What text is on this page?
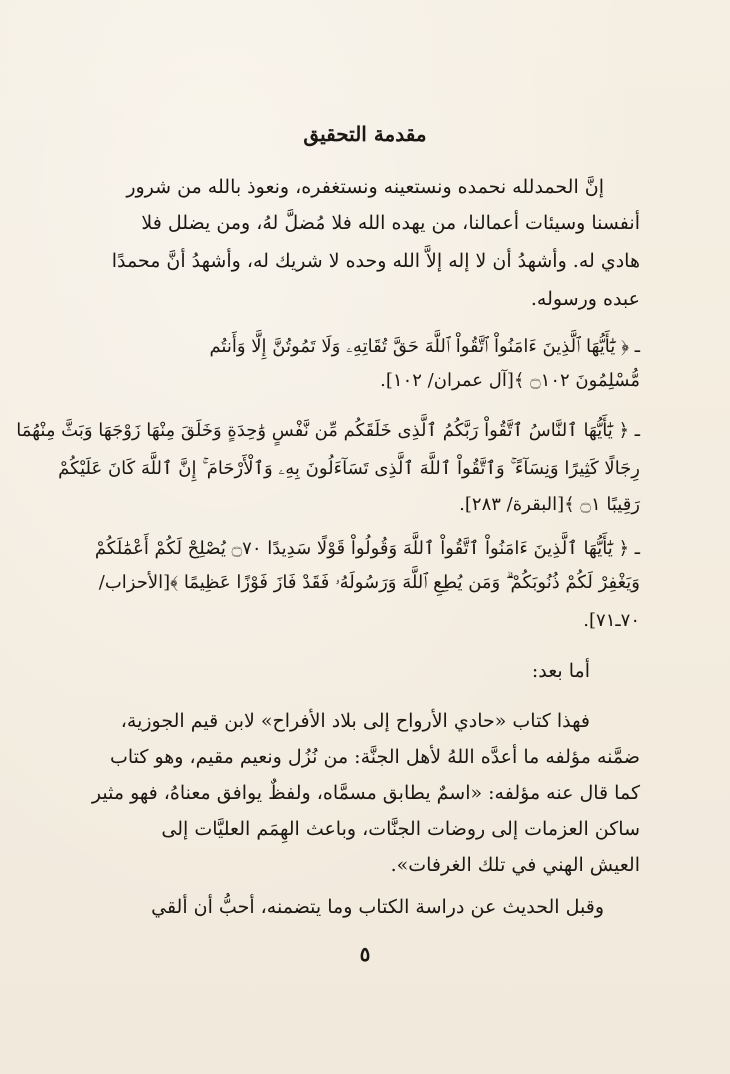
مقدمة التحقيق
إنَّ الحمدلله نحمده ونستعينه ونستغفره، ونعوذ بالله من شرور
أنفسنا وسيئات أعمالنا، من يهده الله فلا مُضلَّ لهُ، ومن يضلل فلا
هادي له. وأشهدُ أن لا إله إلاَّ الله وحده لا شريك له، وأشهدُ أنَّ محمدًا
عبده ورسوله.
ـ ﴿ يَٰٓأَيُّهَا ٱلَّذِينَ ءَامَنُواْ ٱتَّقُواْ ٱللَّهَ حَقَّ تُقَاتِهِۦ وَلَا تَمُوتُنَّ إِلَّا وَأَنتُم
مُّسْلِمُونَ ۝١٠٢ ﴾[آل عمران/ ١٠٢].
ـ ﴿ يَٰٓأَيُّهَا ٱلنَّاسُ ٱتَّقُواْ رَبَّكُمُ ٱلَّذِى خَلَقَكُم مِّن نَّفْسٍ وَٰحِدَةٍ وَخَلَقَ مِنْهَا زَوْجَهَا وَبَثَّ مِنْهُمَا
رِجَالًا كَثِيرًا وَنِسَآءً ۚ وَٱتَّقُواْ ٱللَّهَ ٱلَّذِى تَسَآءَلُونَ بِهِۦ وَٱلْأَرْحَامَ ۚ إِنَّ ٱللَّهَ كَانَ عَلَيْكُمْ
رَقِيبًا ۝١ ﴾[البقرة/ ٢٨٣].
ـ ﴿ يَٰٓأَيُّهَا ٱلَّذِينَ ءَامَنُواْ ٱتَّقُواْ ٱللَّهَ وَقُولُواْ قَوْلًا سَدِيدًا ۝٧٠ يُصْلِحْ لَكُمْ أَعْمَٰلَكُمْ
وَيَغْفِرْ لَكُمْ ذُنُوبَكُمْ ۗ وَمَن يُطِعِ ٱللَّهَ وَرَسُولَهُۥ فَقَدْ فَازَ فَوْزًا عَظِيمًا ﴾[الأحزاب/
٧٠ـ٧١].
أما بعد:
فهذا كتاب «حادي الأرواح إلى بلاد الأفراح» لابن قيم الجوزية،
ضمَّنه مؤلفه ما أعدَّه اللهُ لأهل الجنَّة: من نُزُل ونعيم مقيم، وهو كتاب
كما قال عنه مؤلفه: «اسمٌ يطابق مسمَّاه، ولفظٌ يوافق معناهُ، فهو مثير
ساكن العزمات إلى روضات الجنَّات، وباعث الهِمَم العليَّات إلى
العيش الهني في تلك الغرفات».
وقبل الحديث عن دراسة الكتاب وما يتضمنه، أحبُّ أن ألقي
٥
